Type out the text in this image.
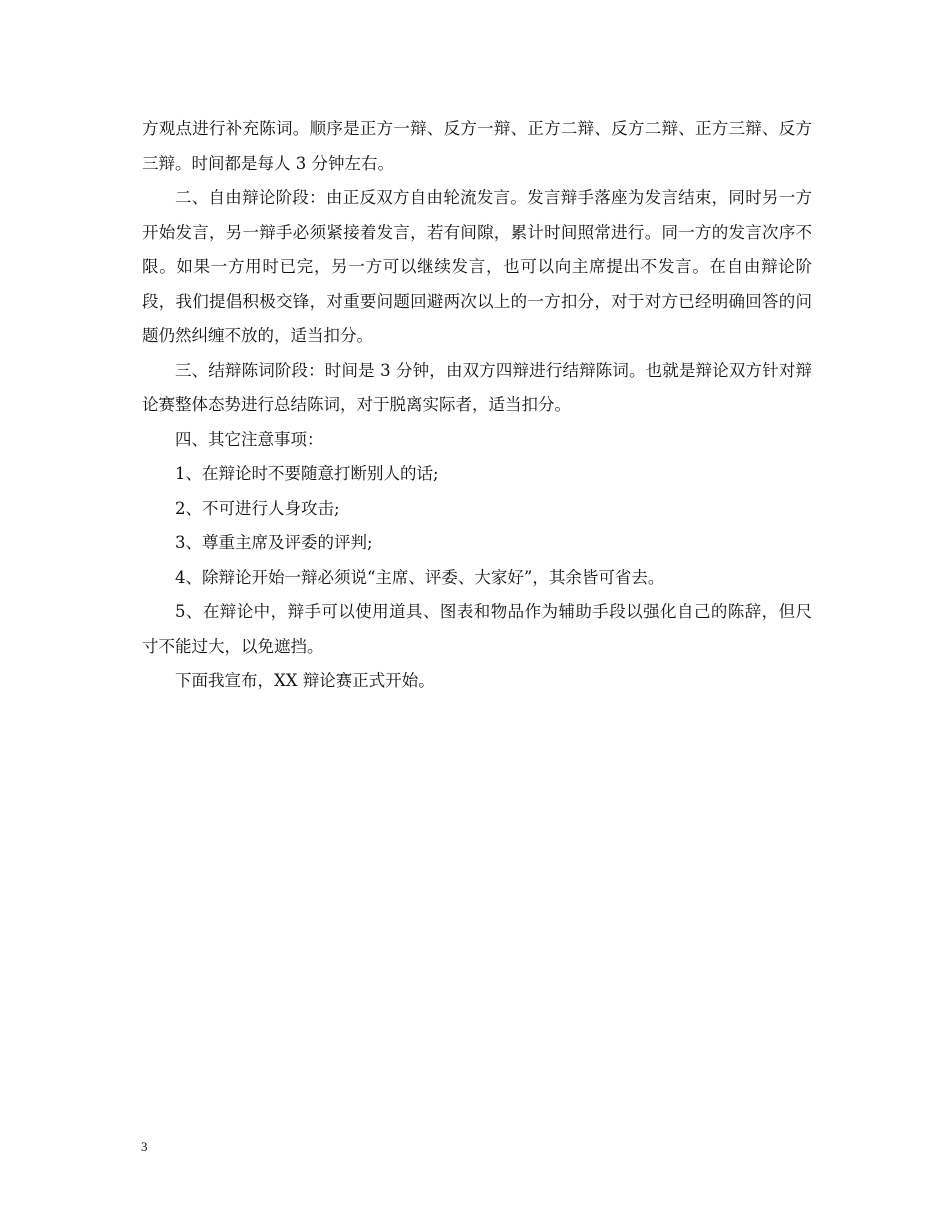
方观点进行补充陈词。顺序是正方一辩、反方一辩、正方二辩、反方二辩、正方三辩、反方三辩。时间都是每人 3 分钟左右。

二、自由辩论阶段：由正反双方自由轮流发言。发言辩手落座为发言结束，同时另一方开始发言，另一辩手必须紧接着发言，若有间隙，累计时间照常进行。同一方的发言次序不限。如果一方用时已完，另一方可以继续发言，也可以向主席提出不发言。在自由辩论阶段，我们提倡积极交锋，对重要问题回避两次以上的一方扣分，对于对方已经明确回答的问题仍然纠缠不放的，适当扣分。

三、结辩陈词阶段：时间是 3 分钟，由双方四辩进行结辩陈词。也就是辩论双方针对辩论赛整体态势进行总结陈词，对于脱离实际者，适当扣分。

四、其它注意事项：

1、在辩论时不要随意打断别人的话;

2、不可进行人身攻击;

3、尊重主席及评委的评判;

4、除辩论开始一辩必须说“主席、评委、大家好”，其余皆可省去。

5、在辩论中，辩手可以使用道具、图表和物品作为辅助手段以强化自己的陈辞，但尺寸不能过大，以免遮挡。

下面我宣布，XX 辩论赛正式开始。

3
